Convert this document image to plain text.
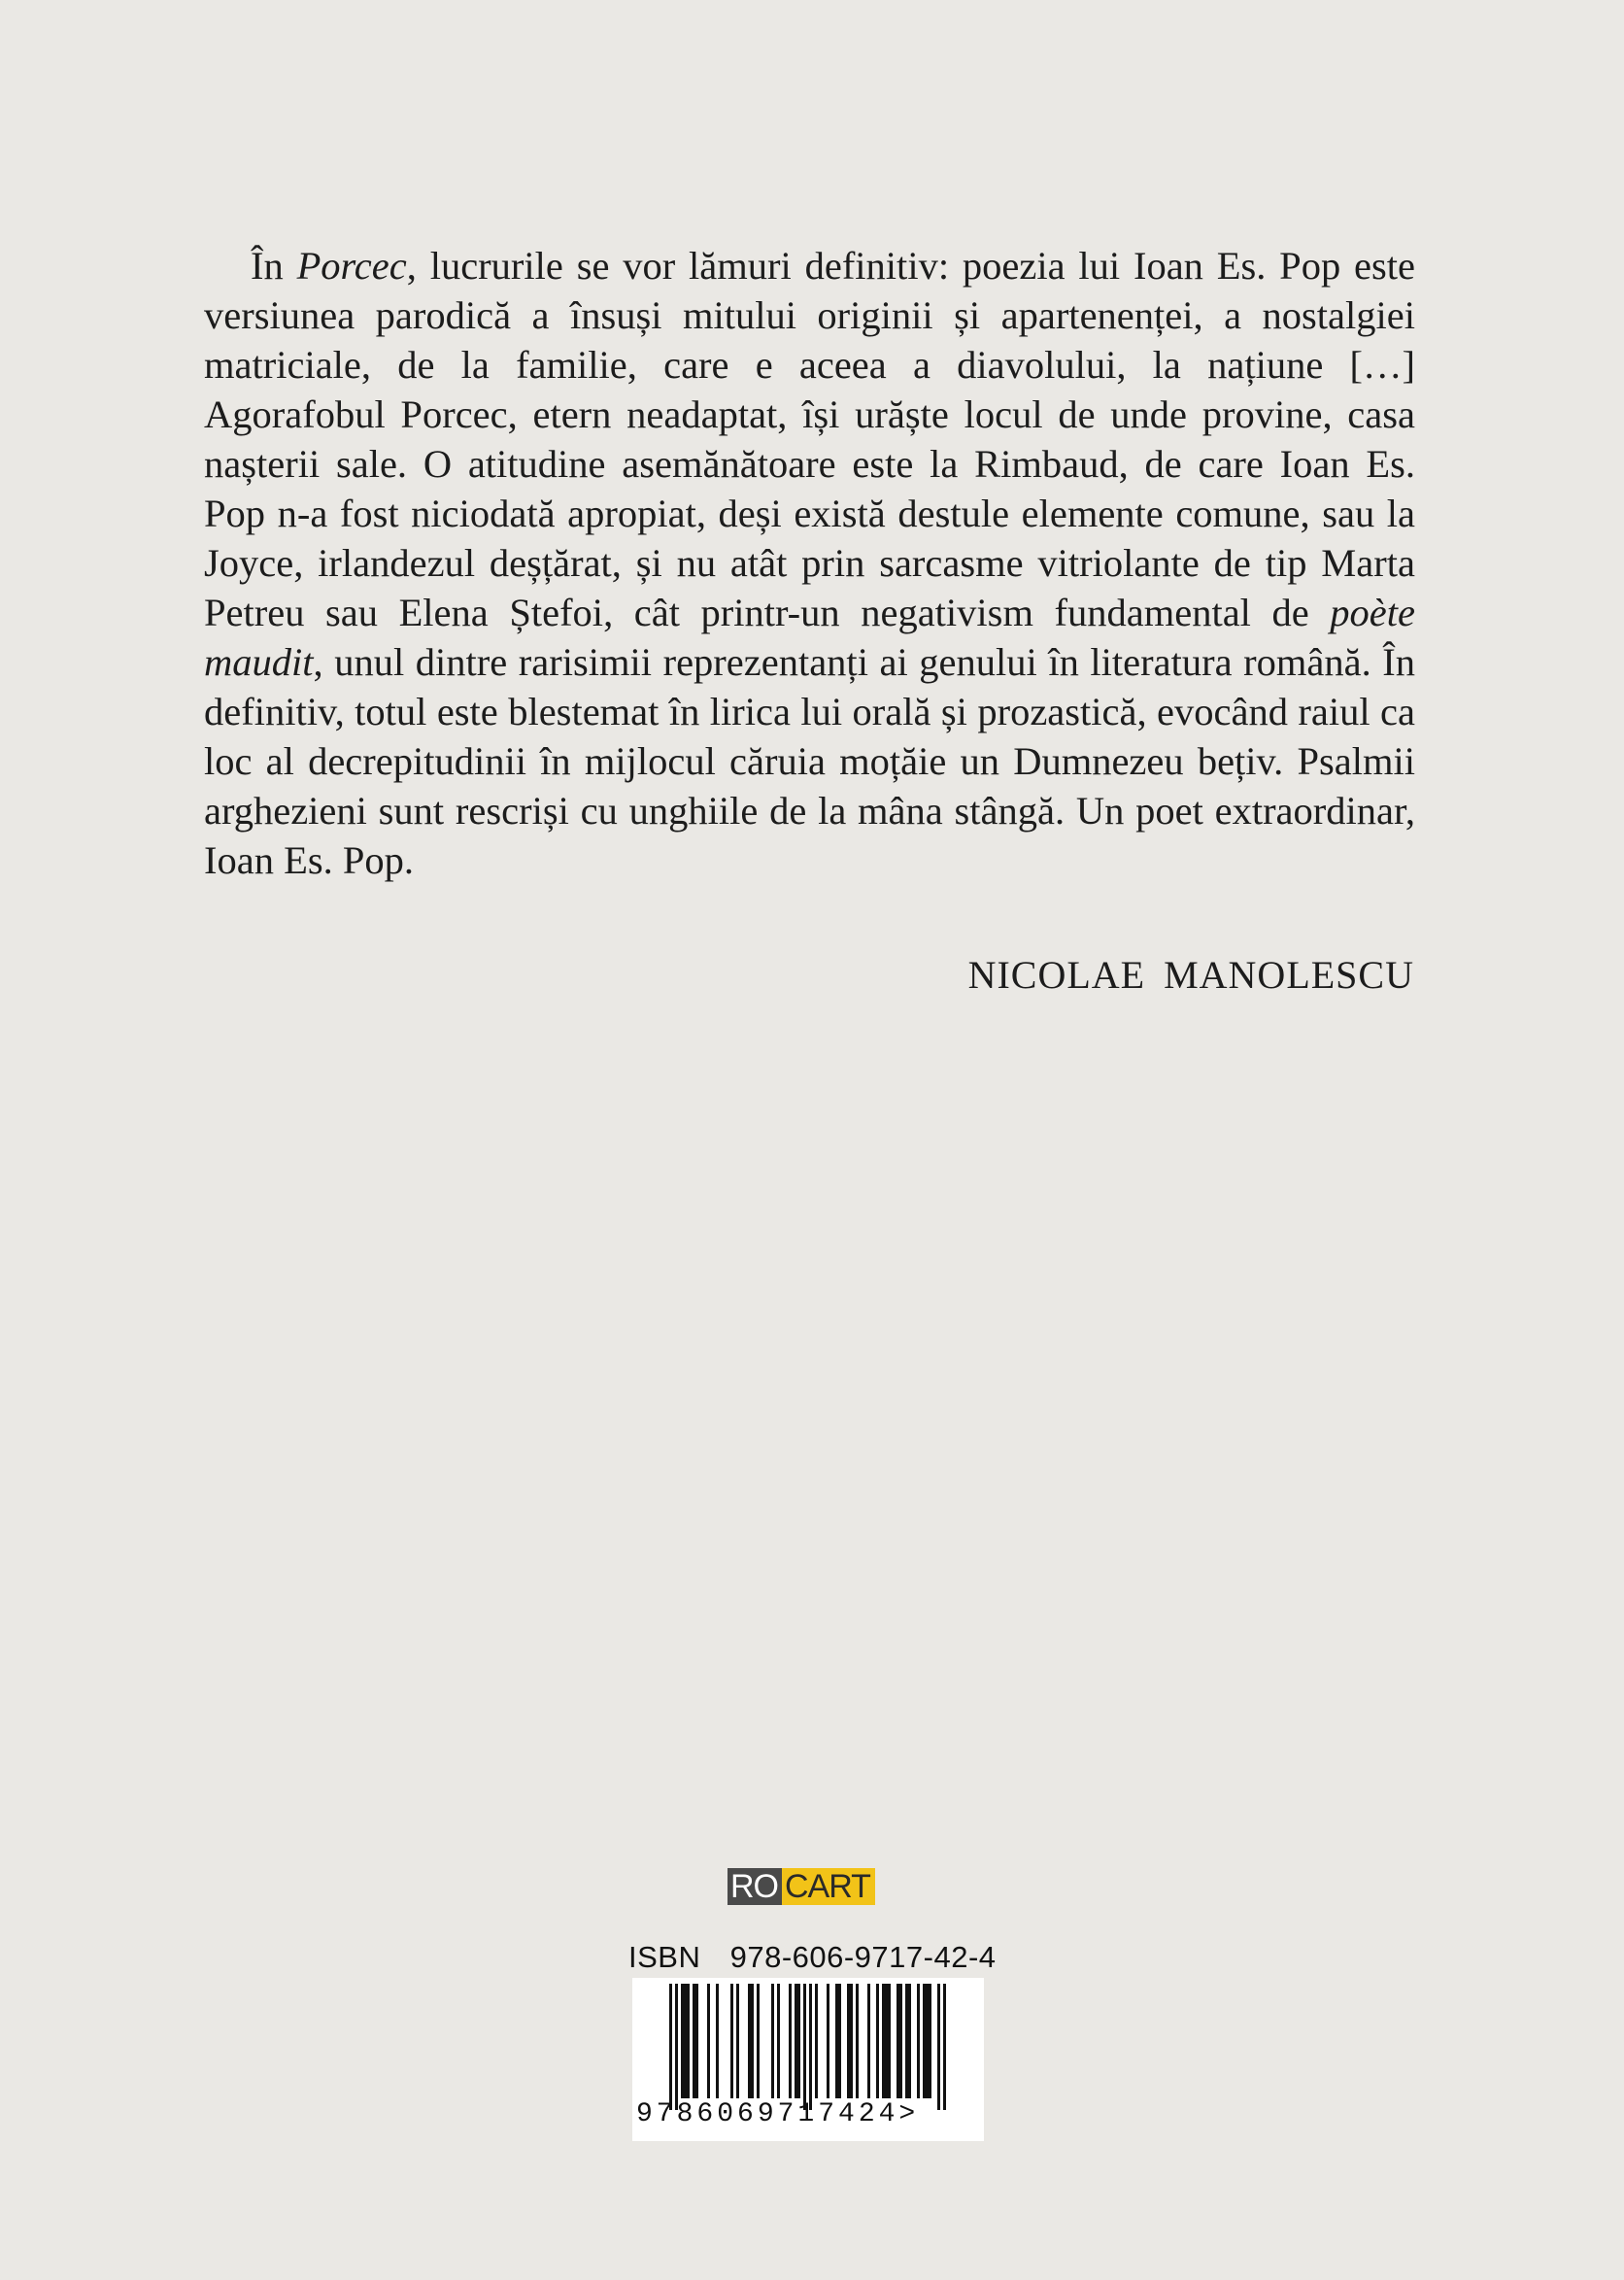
În Porcec, lucrurile se vor lămuri definitiv: poezia lui Ioan Es. Pop este versiunea parodică a însuși mitului originii și apartenenței, a nostalgiei matriciale, de la familie, care e aceea a diavolului, la națiune […] Agorafobul Porcec, etern neadaptat, își urăște locul de unde provine, casa nașterii sale. O atitudine asemănătoare este la Rimbaud, de care Ioan Es. Pop n-a fost niciodată apropiat, deși există destule elemente comune, sau la Joyce, irlandezul deșțărat, și nu atât prin sarcasme vitriolante de tip Marta Petreu sau Elena Ștefoi, cât printr-un negativism fundamental de poète maudit, unul dintre rarisimii reprezentanți ai genului în literatura română. În definitiv, totul este blestemat în lirica lui orală și prozastică, evocând raiul ca loc al decrepitudinii în mijlocul căruia moțăie un Dumnezeu bețiv. Psalmii arghezieni sunt rescriși cu unghiile de la mâna stângă. Un poet extraordinar, Ioan Es. Pop.

NICOLAE MANOLESCU
RO CART
ISBN 978-606-9717-42-4
9786069717424>
